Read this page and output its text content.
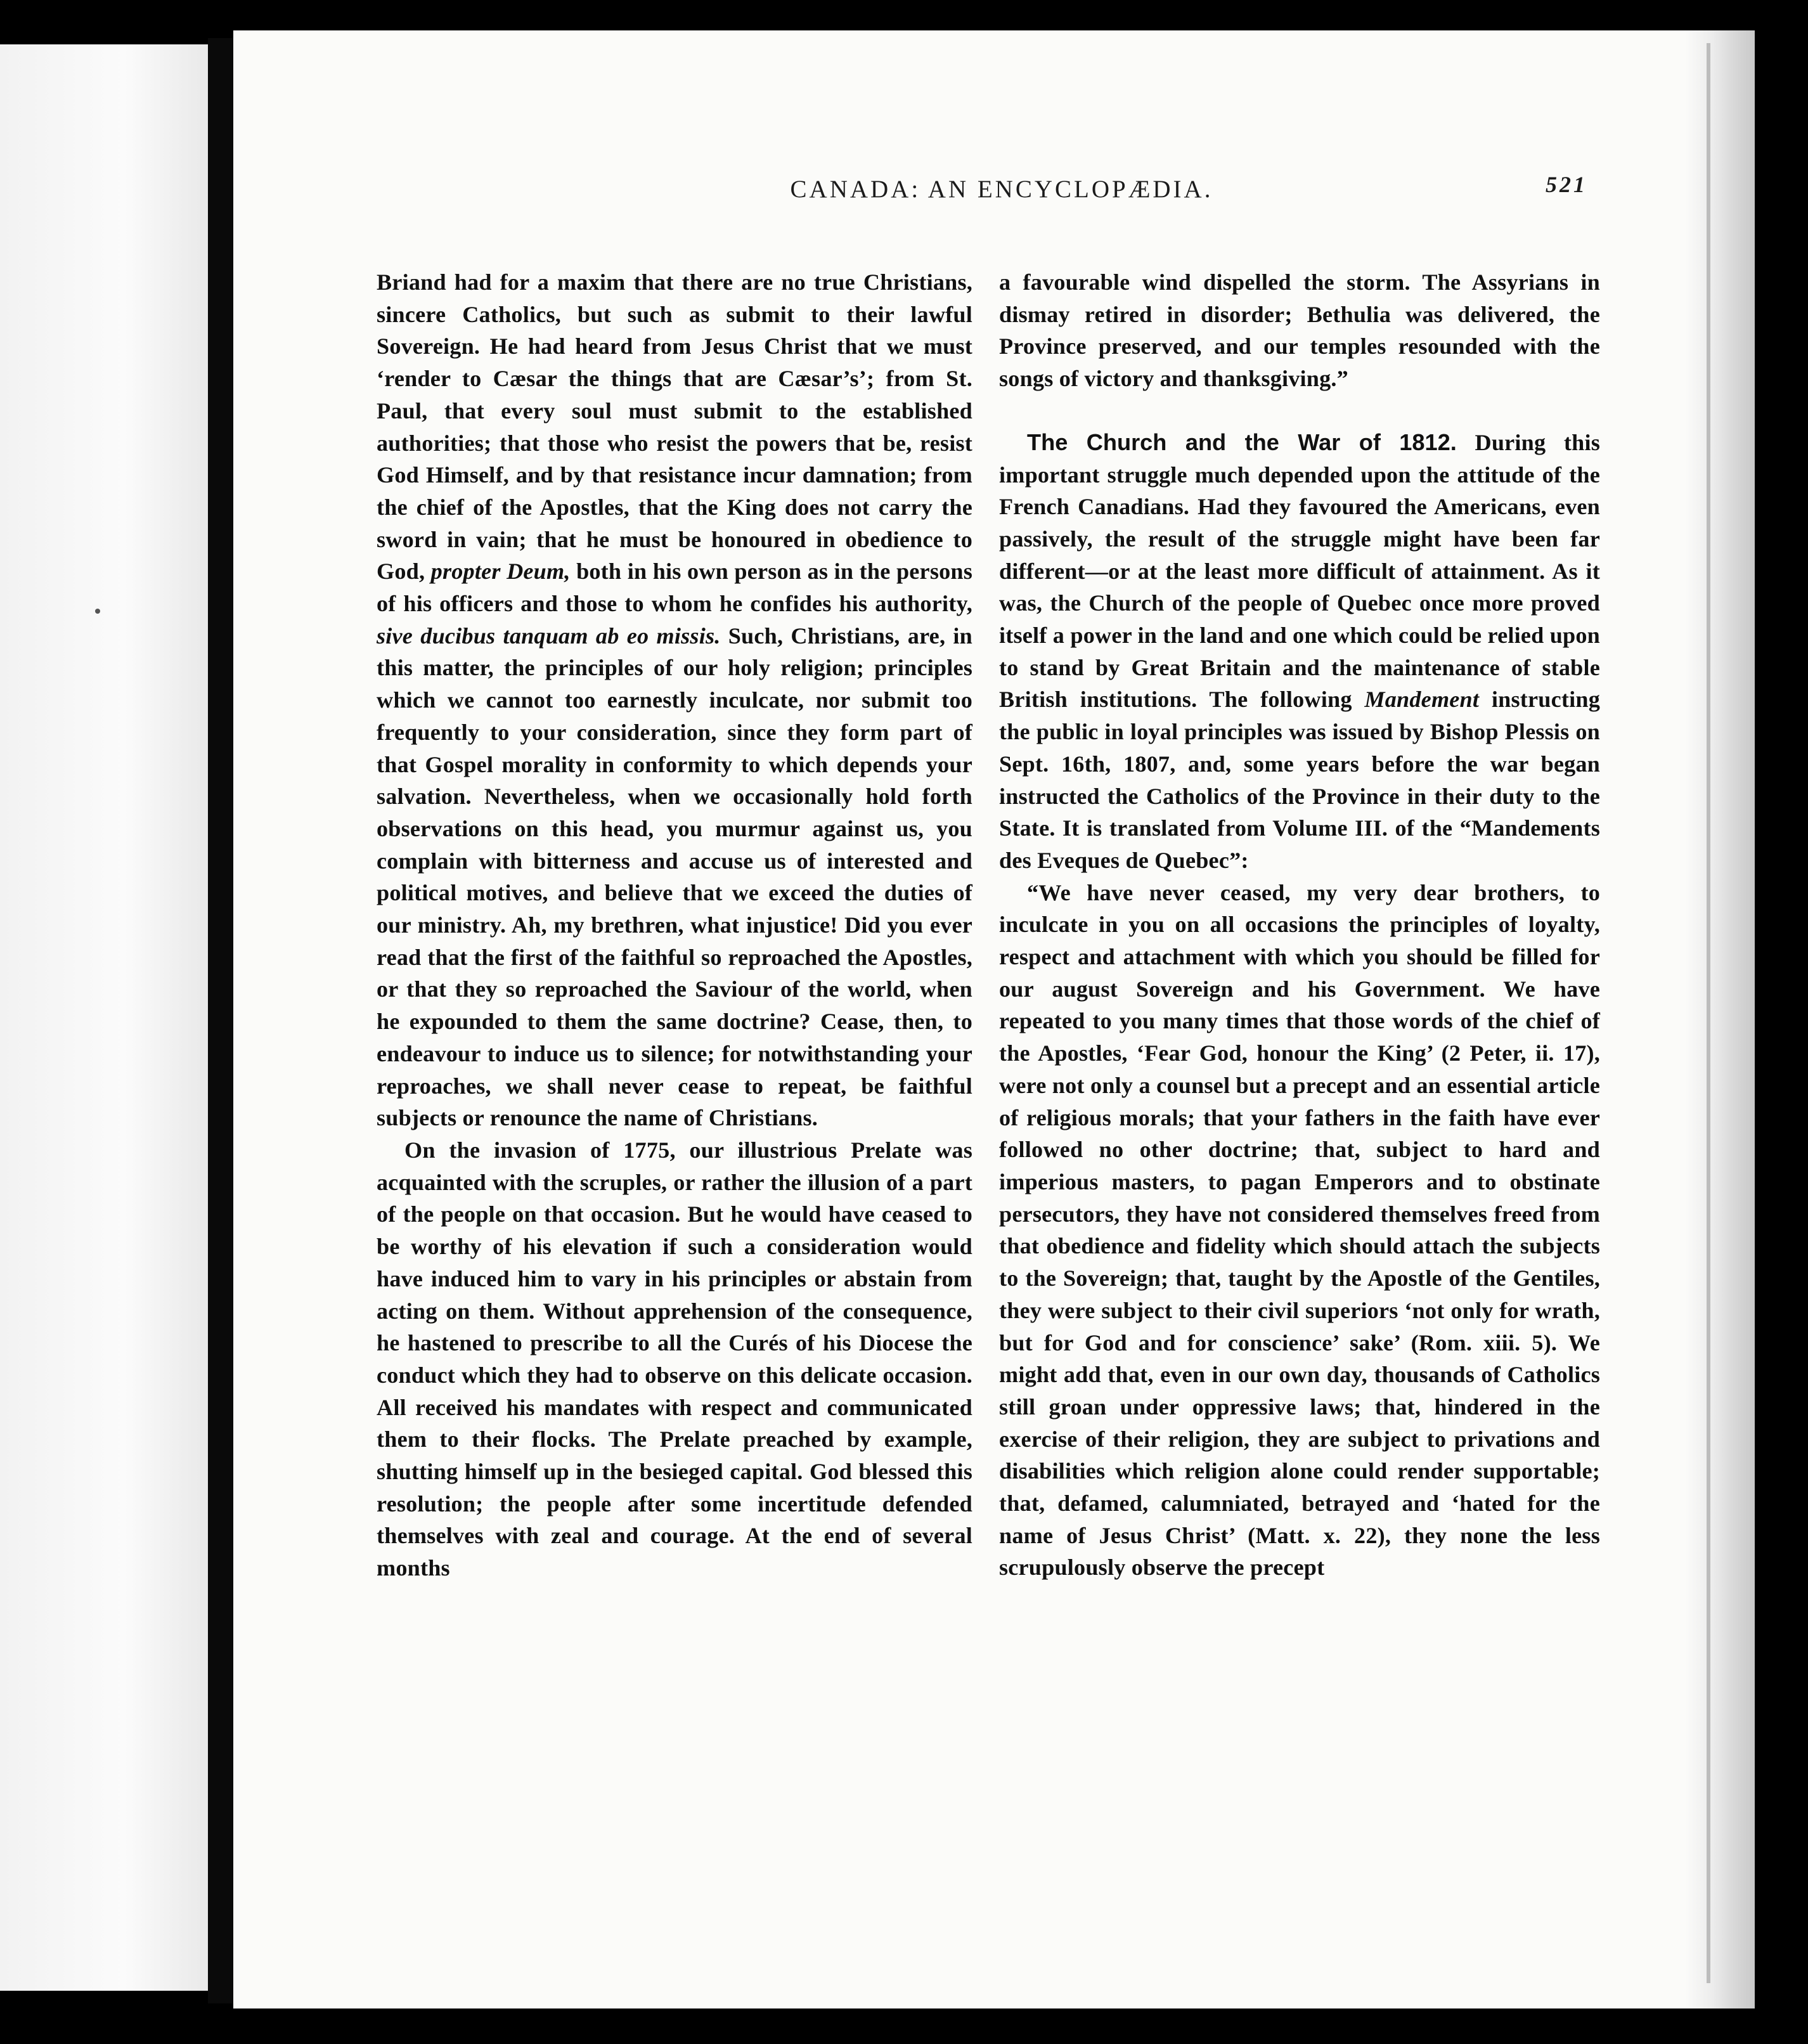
CANADA: AN ENCYCLOPÆDIA.	521

Briand had for a maxim that there are no true Christians, sincere Catholics, but such as submit to their lawful Sovereign. He had heard from Jesus Christ that we must ‘render to Cæsar the things that are Cæsar’s’; from St. Paul, that every soul must submit to the established authorities; that those who resist the powers that be, resist God Himself, and by that resistance incur damnation; from the chief of the Apostles, that the King does not carry the sword in vain; that he must be honoured in obedience to God, propter Deum, both in his own person as in the persons of his officers and those to whom he confides his authority, sive ducibus tanquam ab eo missis. Such, Christians, are, in this matter, the principles of our holy religion; principles which we cannot too earnestly inculcate, nor submit too frequently to your consideration, since they form part of that Gospel morality in conformity to which depends your salvation. Nevertheless, when we occasionally hold forth observations on this head, you murmur against us, you complain with bitterness and accuse us of interested and political motives, and believe that we exceed the duties of our ministry. Ah, my brethren, what injustice! Did you ever read that the first of the faithful so reproached the Apostles, or that they so reproached the Saviour of the world, when he expounded to them the same doctrine? Cease, then, to endeavour to induce us to silence; for notwithstanding your reproaches, we shall never cease to repeat, be faithful subjects or renounce the name of Christians.

On the invasion of 1775, our illustrious Prelate was acquainted with the scruples, or rather the illusion of a part of the people on that occasion. But he would have ceased to be worthy of his elevation if such a consideration would have induced him to vary in his principles or abstain from acting on them. Without apprehension of the consequence, he hastened to prescribe to all the Curés of his Diocese the conduct which they had to observe on this delicate occasion. All received his mandates with respect and communicated them to their flocks. The Prelate preached by example, shutting himself up in the besieged capital. God blessed this resolution; the people after some incertitude defended themselves with zeal and courage. At the end of several months

a favourable wind dispelled the storm. The Assyrians in dismay retired in disorder; Bethulia was delivered, the Province preserved, and our temples resounded with the songs of victory and thanksgiving.”

The Church and the War of 1812. During this important struggle much depended upon the attitude of the French Canadians. Had they favoured the Americans, even passively, the result of the struggle might have been far different—or at the least more difficult of attainment. As it was, the Church of the people of Quebec once more proved itself a power in the land and one which could be relied upon to stand by Great Britain and the maintenance of stable British institutions. The following Mandement instructing the public in loyal principles was issued by Bishop Plessis on Sept. 16th, 1807, and, some years before the war began instructed the Catholics of the Province in their duty to the State. It is translated from Volume III. of the “Mandements des Eveques de Quebec”:

“We have never ceased, my very dear brothers, to inculcate in you on all occasions the principles of loyalty, respect and attachment with which you should be filled for our august Sovereign and his Government. We have repeated to you many times that those words of the chief of the Apostles, ‘Fear God, honour the King’ (2 Peter, ii. 17), were not only a counsel but a precept and an essential article of religious morals; that your fathers in the faith have ever followed no other doctrine; that, subject to hard and imperious masters, to pagan Emperors and to obstinate persecutors, they have not considered themselves freed from that obedience and fidelity which should attach the subjects to the Sovereign; that, taught by the Apostle of the Gentiles, they were subject to their civil superiors ‘not only for wrath, but for God and for conscience’ sake’ (Rom. xiii. 5). We might add that, even in our own day, thousands of Catholics still groan under oppressive laws; that, hindered in the exercise of their religion, they are subject to privations and disabilities which religion alone could render supportable; that, defamed, calumniated, betrayed and ‘hated for the name of Jesus Christ’ (Matt. x. 22), they none the less scrupulously observe the precept
